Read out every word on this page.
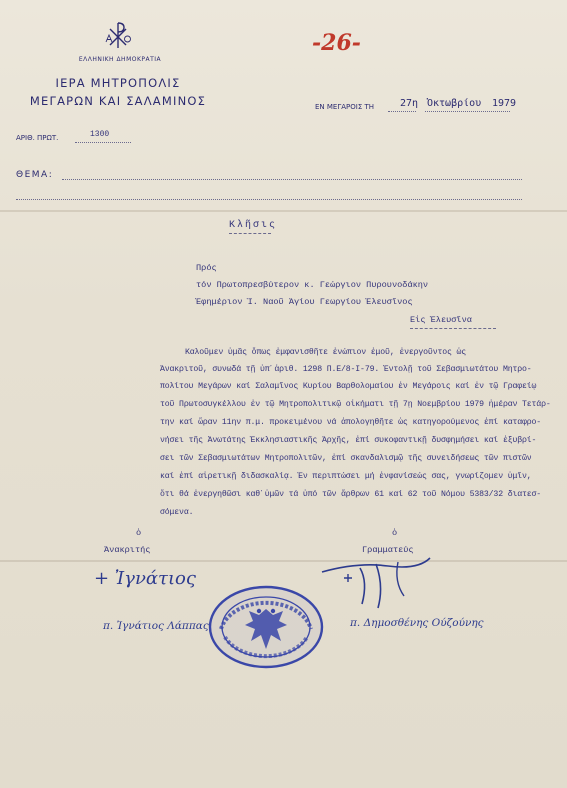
ΕΛΛΗΝΙΚΗ ΔΗΜΟΚΡΑΤΙΑ
ΙΕΡΑ ΜΗΤΡΟΠΟΛΙΣ
ΜΕΓΑΡΩΝ ΚΑΙ ΣΑΛΑΜΙΝΟΣ
-26-
ΕΝ ΜΕΓΑΡΟΙΣ ΤΗ	27η Ὀκτωβρίου 1979
ΑΡΙΘ. ΠΡΩΤ.	1300
ΘΕΜΑ:
Κλῆσις
Πρός
τόν Πρωτοπρεσβύτερον κ. Γεώργιον Πυρουνοδάκην
Ἐφημέριον Ἱ. Ναοῦ Ἁγίου Γεωργίου Ἐλευσῖνος
Εἰς Ἐλευσῖνα
Καλοῦμεν ὑμᾶς ὅπως ἐμφανισθῆτε ἐνώπιον ἐμοῦ, ἐνεργοῦντος ὡς
Ἀνακριτοῦ, συνωδά τῇ ὑπ᾽ἀριθ. 1298 Π.Ε/8-Ι-79. Ἐντολῇ τοῦ Σεβασμιωτάτου Μητρο-
πολίτου Μεγάρων καί Σαλαμῖνος Κυρίου Βαρθολομαίου ἐν Μεγάροις καί ἐν τῷ Γραφείῳ
τοῦ Πρωτοσυγκέλλου ἐν τῷ Μητροπολιτικῷ οἰκήματι τῇ 7ῃ Νοεμβρίου 1979 ἡμέραν Τετάρ-
την καί ὥραν 11ην π.μ. προκειμένου νά ἀπολογηθῆτε ὡς κατηγορούμενος ἐπί καταφρο-
νήσει τῆς Ἀνωτάτης Ἐκκλησιαστικῆς Ἀρχῆς, ἐπί συκοφαντικῇ δυσφημήσει καί ἐξυβρί-
σει τῶν Σεβασμιωτάτων Μητροπολιτῶν, ἐπί σκανδαλισμῷ τῆς συνειδήσεως τῶν πιστῶν
καί ἐπί αἱρετικῇ διδασκαλίᾳ. Ἐν περιπτώσει μή ἐνφανίσεώς σας, γνωρίζομεν ὑμῖν,
ὅτι θά ἐνεργηθῶσι καθ᾽ὑμῶν τά ὑπό τῶν ἄρθρων 61 καί 62 τοῦ Νόμου 5383/32 διατεσ-
σόμενα.
ὁ
Ἀνακριτής
+ Ἰγνάτιος
π. Ἰγνάτιος Λάππας
ὁ
Γραμματεύς
π. Δημοσθένης Ούζούνης
